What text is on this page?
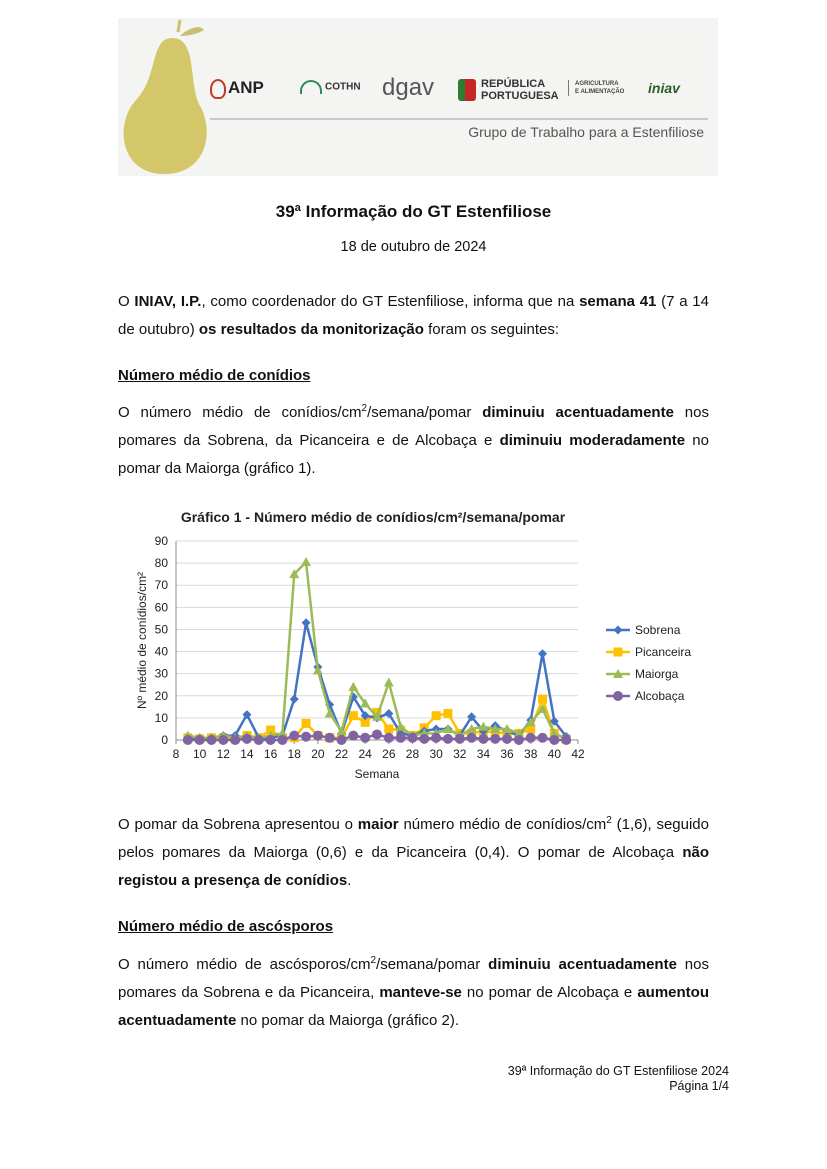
ANP	COTHN dgav	REPÚBLICA
PORTUGUESA
AGRICULTURA
E ALIMENTAÇÃO iniav
Grupo de Trabalho para a Estenfiliose
39ª Informação do GT Estenfiliose
18 de outubro de 2024

O INIAV, I.P., como coordenador do GT Estenfiliose, informa que na semana 41 (7 a 14 de outubro) os resultados da monitorização foram os seguintes:

Número médio de conídios

O número médio de conídios/$cm^2/semana$/pomar diminuiu acentuadamente nos pomares da Sobrena, da Picanceira e de Alcobaça e diminuiu moderadamente no pomar da Maiorga (gráfico 1).

Gráfico 1 - Número médio de conídios/cm²/semana/pomar
0
10
20
30
40
50
60
70
80
90
8 10 12 14 16 18 20 22 24 26 28 30 32 34 36 38 40 42
Semana
Nº médio de conídios/cm²	Sobrena
Picanceira
Maiorga
Alcobaça

O pomar da Sobrena apresentou o maior número médio de conídios/$cm^2$ (1,6), seguido pelos pomares da Maiorga (0,6) e da Picanceira (0,4). O pomar de Alcobaça não registou a presença de conídios.

Número médio de ascósporos

O número médio de ascósporos/$cm^2/semana$/pomar diminuiu acentuadamente nos pomares da Sobrena e da Picanceira, manteve-se no pomar de Alcobaça e aumentou acentuadamente no pomar da Maiorga (gráfico 2).

39ª Informação do GT Estenfiliose 2024
Página 1/4
